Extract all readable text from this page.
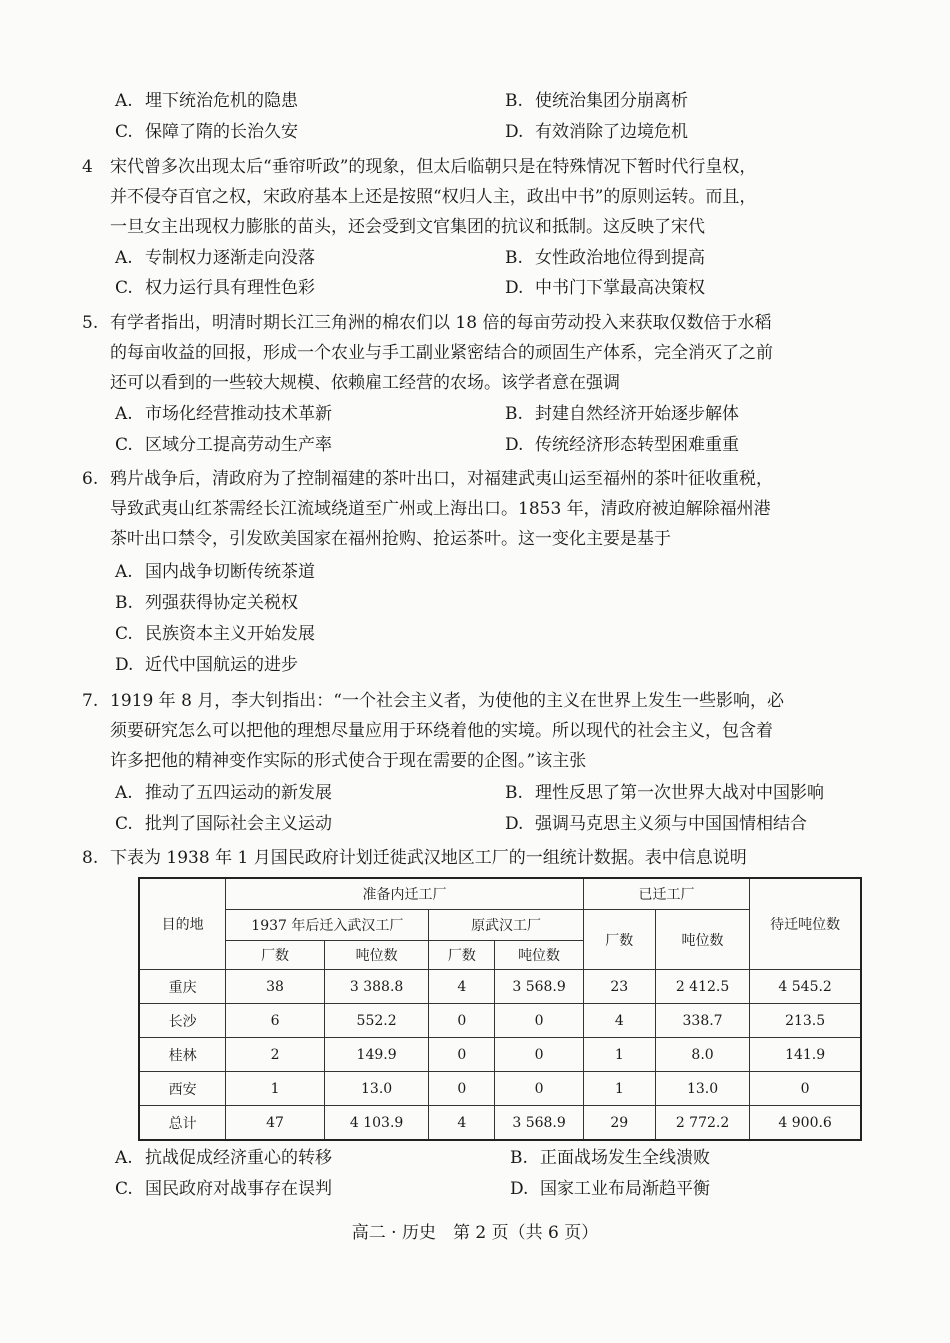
A. 埋下统治危机的隐患	B. 使统治集团分崩离析
C. 保障了隋的长治久安	D. 有效消除了边境危机
4 宋代曾多次出现太后“垂帘听政”的现象，但太后临朝只是在特殊情况下暂时代行皇权，
并不侵夺百官之权，宋政府基本上还是按照“权归人主，政出中书”的原则运转。而且，
一旦女主出现权力膨胀的苗头，还会受到文官集团的抗议和抵制。这反映了宋代
A. 专制权力逐渐走向没落	B. 女性政治地位得到提高
C. 权力运行具有理性色彩	D. 中书门下掌最高决策权
5. 有学者指出，明清时期长江三角洲的棉农们以 18 倍的每亩劳动投入来获取仅数倍于水稻
的每亩收益的回报，形成一个农业与手工副业紧密结合的顽固生产体系，完全消灭了之前
还可以看到的一些较大规模、依赖雇工经营的农场。该学者意在强调
A. 市场化经营推动技术革新	B. 封建自然经济开始逐步解体
C. 区域分工提高劳动生产率	D. 传统经济形态转型困难重重
6. 鸦片战争后，清政府为了控制福建的茶叶出口，对福建武夷山运至福州的茶叶征收重税，
导致武夷山红茶需经长江流域绕道至广州或上海出口。1853 年，清政府被迫解除福州港
茶叶出口禁令，引发欧美国家在福州抢购、抢运茶叶。这一变化主要是基于
A. 国内战争切断传统茶道
B. 列强获得协定关税权
C. 民族资本主义开始发展
D. 近代中国航运的进步
7. 1919 年 8 月，李大钊指出：“一个社会主义者，为使他的主义在世界上发生一些影响，必
须要研究怎么可以把他的理想尽量应用于环绕着他的实境。所以现代的社会主义，包含着
许多把他的精神变作实际的形式使合于现在需要的企图。”该主张
A. 推动了五四运动的新发展	B. 理性反思了第一次世界大战对中国影响
C. 批判了国际社会主义运动	D. 强调马克思主义须与中国国情相结合
8. 下表为 1938 年 1 月国民政府计划迁徙武汉地区工厂的一组统计数据。表中信息说明
目的地	准备内迁工厂				已迁工厂		待迁吨位数
	1937 年后迁入武汉工厂		原武汉工厂		厂数	吨位数	
	厂数	吨位数	厂数	吨位数			
重庆	38	3 388.8	4	3 568.9	23	2 412.5	4 545.2
长沙	6	552.2	0	0	4	338.7	213.5
桂林	2	149.9	0	0	1	8.0	141.9
西安	1	13.0	0	0	1	13.0	0
总计	47	4 103.9	4	3 568.9	29	2 772.2	4 900.6
A. 抗战促成经济重心的转移	B. 正面战场发生全线溃败
C. 国民政府对战事存在误判	D. 国家工业布局渐趋平衡
高二 · 历史　第 2 页（共 6 页）
